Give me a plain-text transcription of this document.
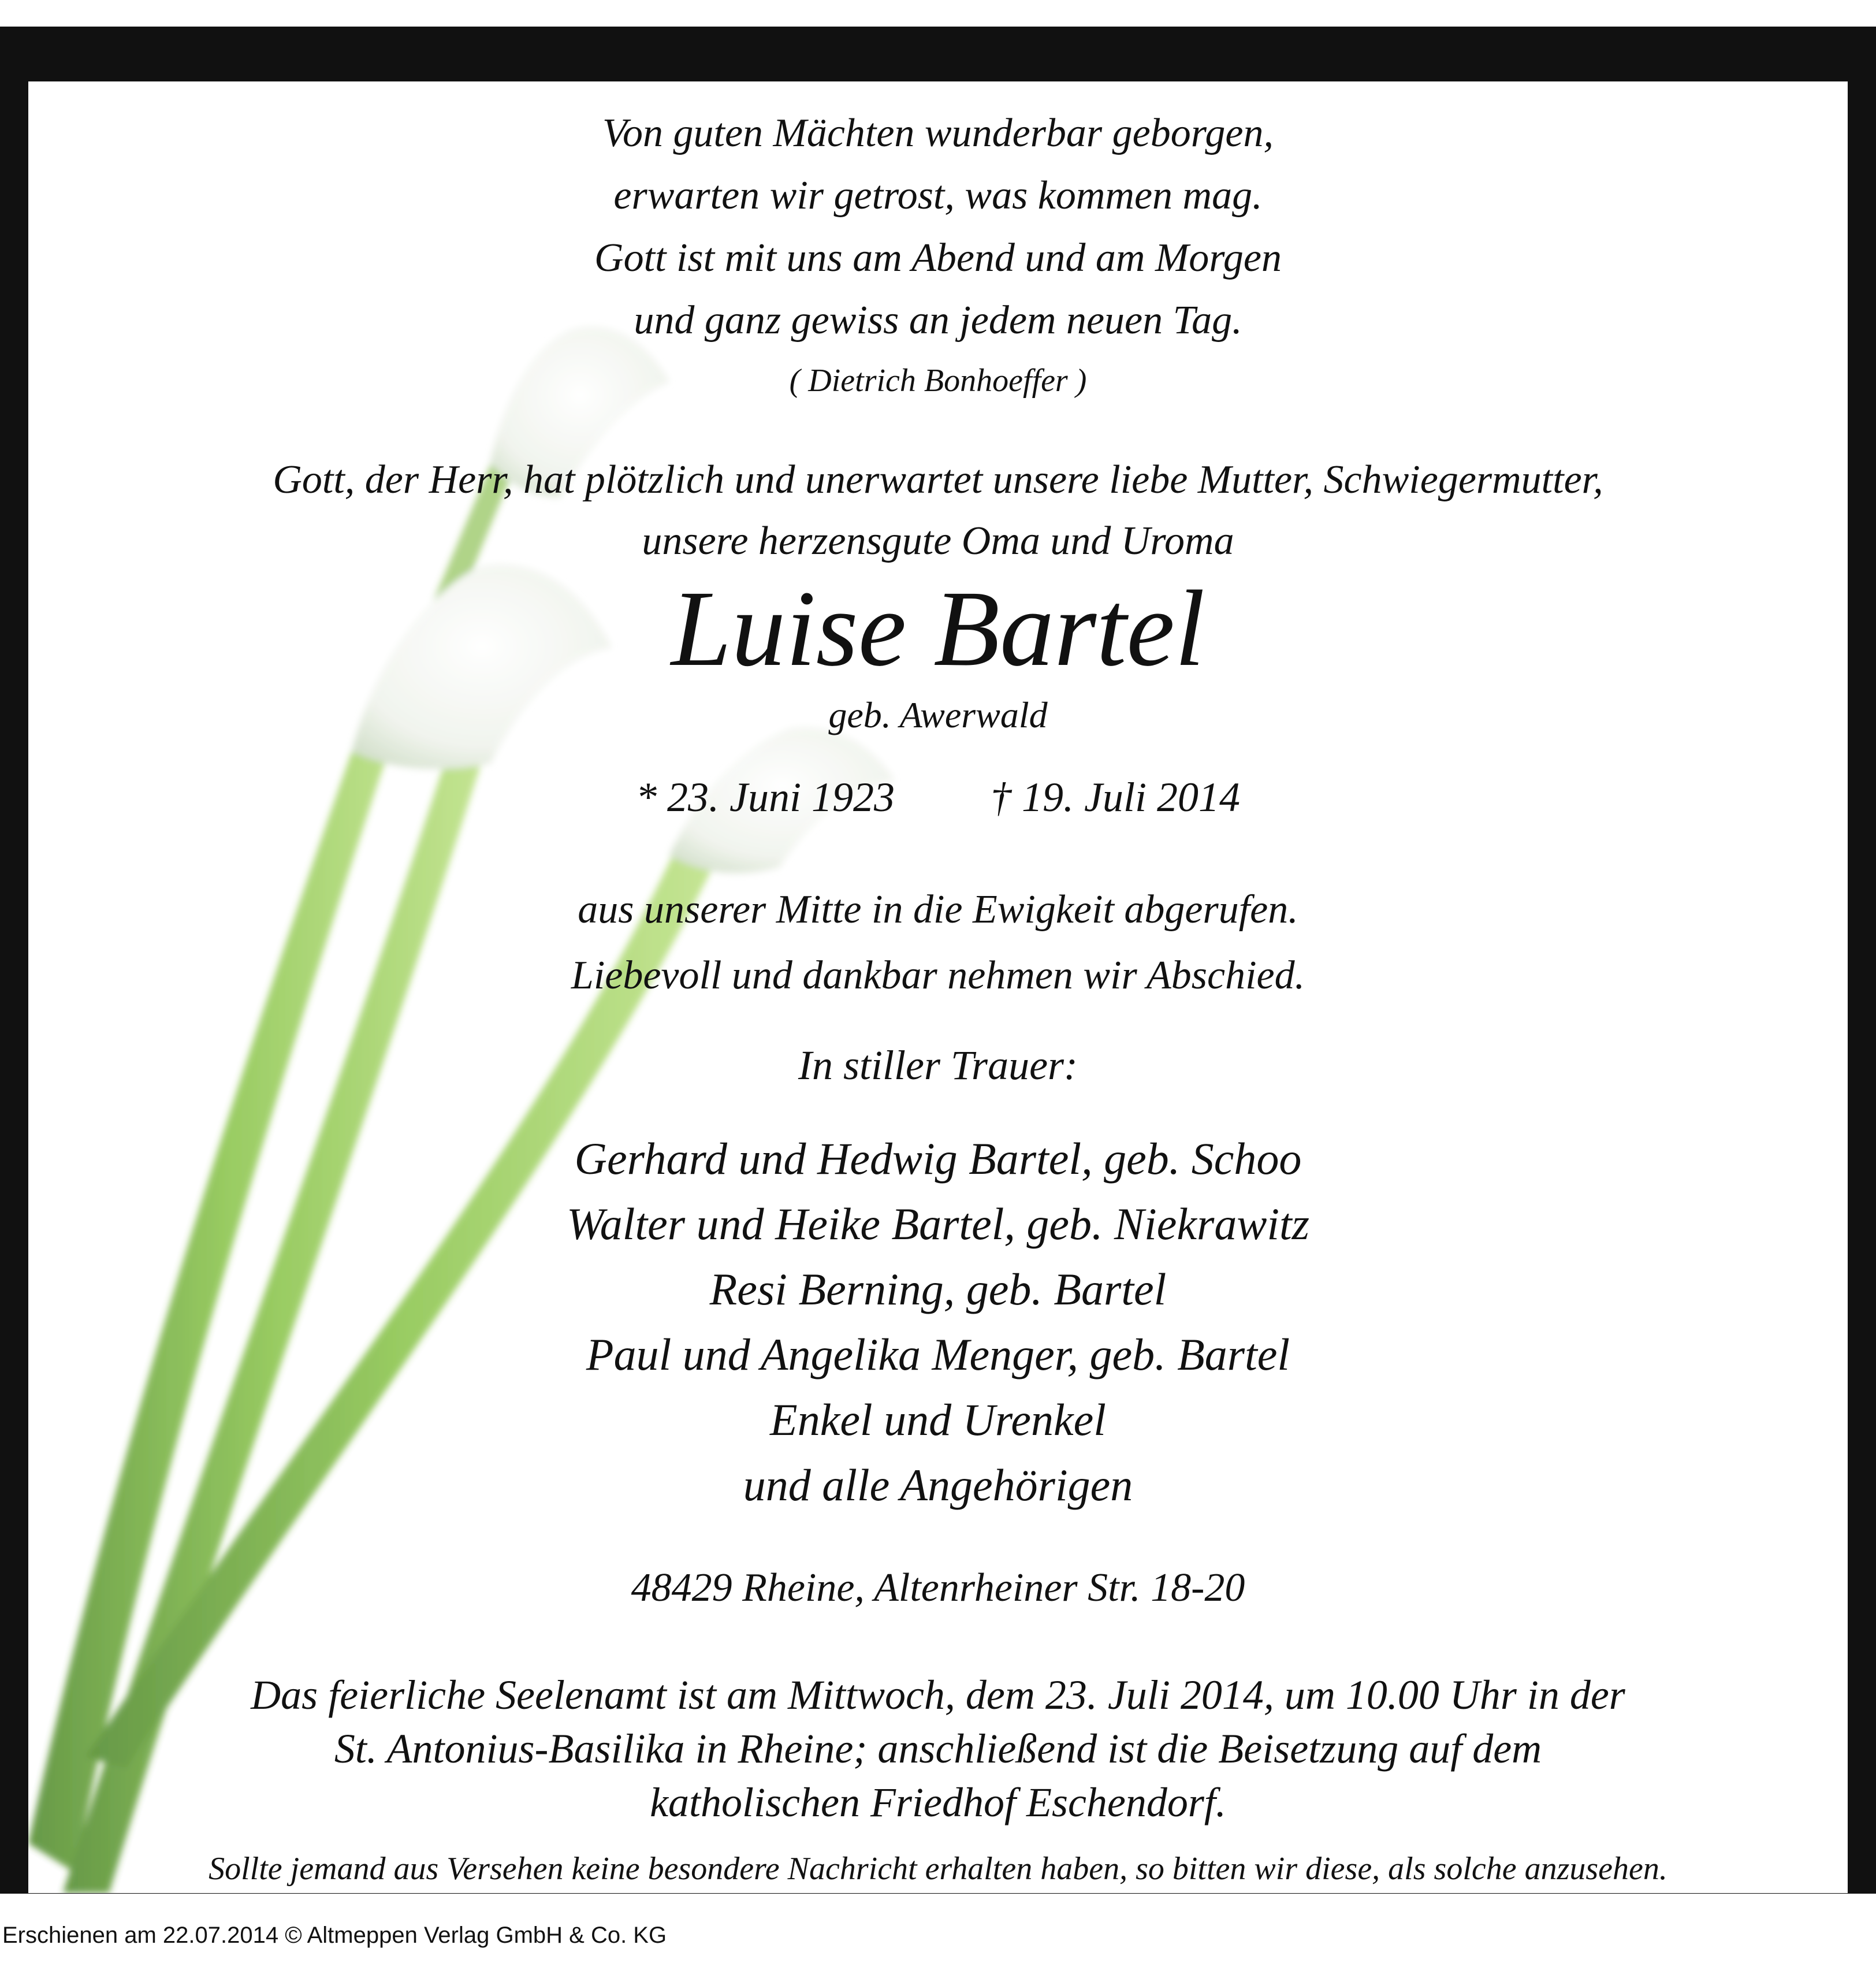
Von guten Mächten wunderbar geborgen,
erwarten wir getrost, was kommen mag.
Gott ist mit uns am Abend und am Morgen
und ganz gewiss an jedem neuen Tag.
( Dietrich Bonhoeffer )
Gott, der Herr, hat plötzlich und unerwartet unsere liebe Mutter, Schwiegermutter,
unsere herzensgute Oma und Uroma
Luise Bartel
geb. Awerwald
* 23. Juni 1923 † 19. Juli 2014
aus unserer Mitte in die Ewigkeit abgerufen.
Liebevoll und dankbar nehmen wir Abschied.
In stiller Trauer:
Gerhard und Hedwig Bartel, geb. Schoo
Walter und Heike Bartel, geb. Niekrawitz
Resi Berning, geb. Bartel
Paul und Angelika Menger, geb. Bartel
Enkel und Urenkel
und alle Angehörigen
48429 Rheine, Altenrheiner Str. 18-20
Das feierliche Seelenamt ist am Mittwoch, dem 23. Juli 2014, um 10.00 Uhr in der
St. Antonius-Basilika in Rheine; anschließend ist die Beisetzung auf dem
katholischen Friedhof Eschendorf.
Sollte jemand aus Versehen keine besondere Nachricht erhalten haben, so bitten wir diese, als solche anzusehen.
Erschienen am 22.07.2014 © Altmeppen Verlag GmbH & Co. KG
